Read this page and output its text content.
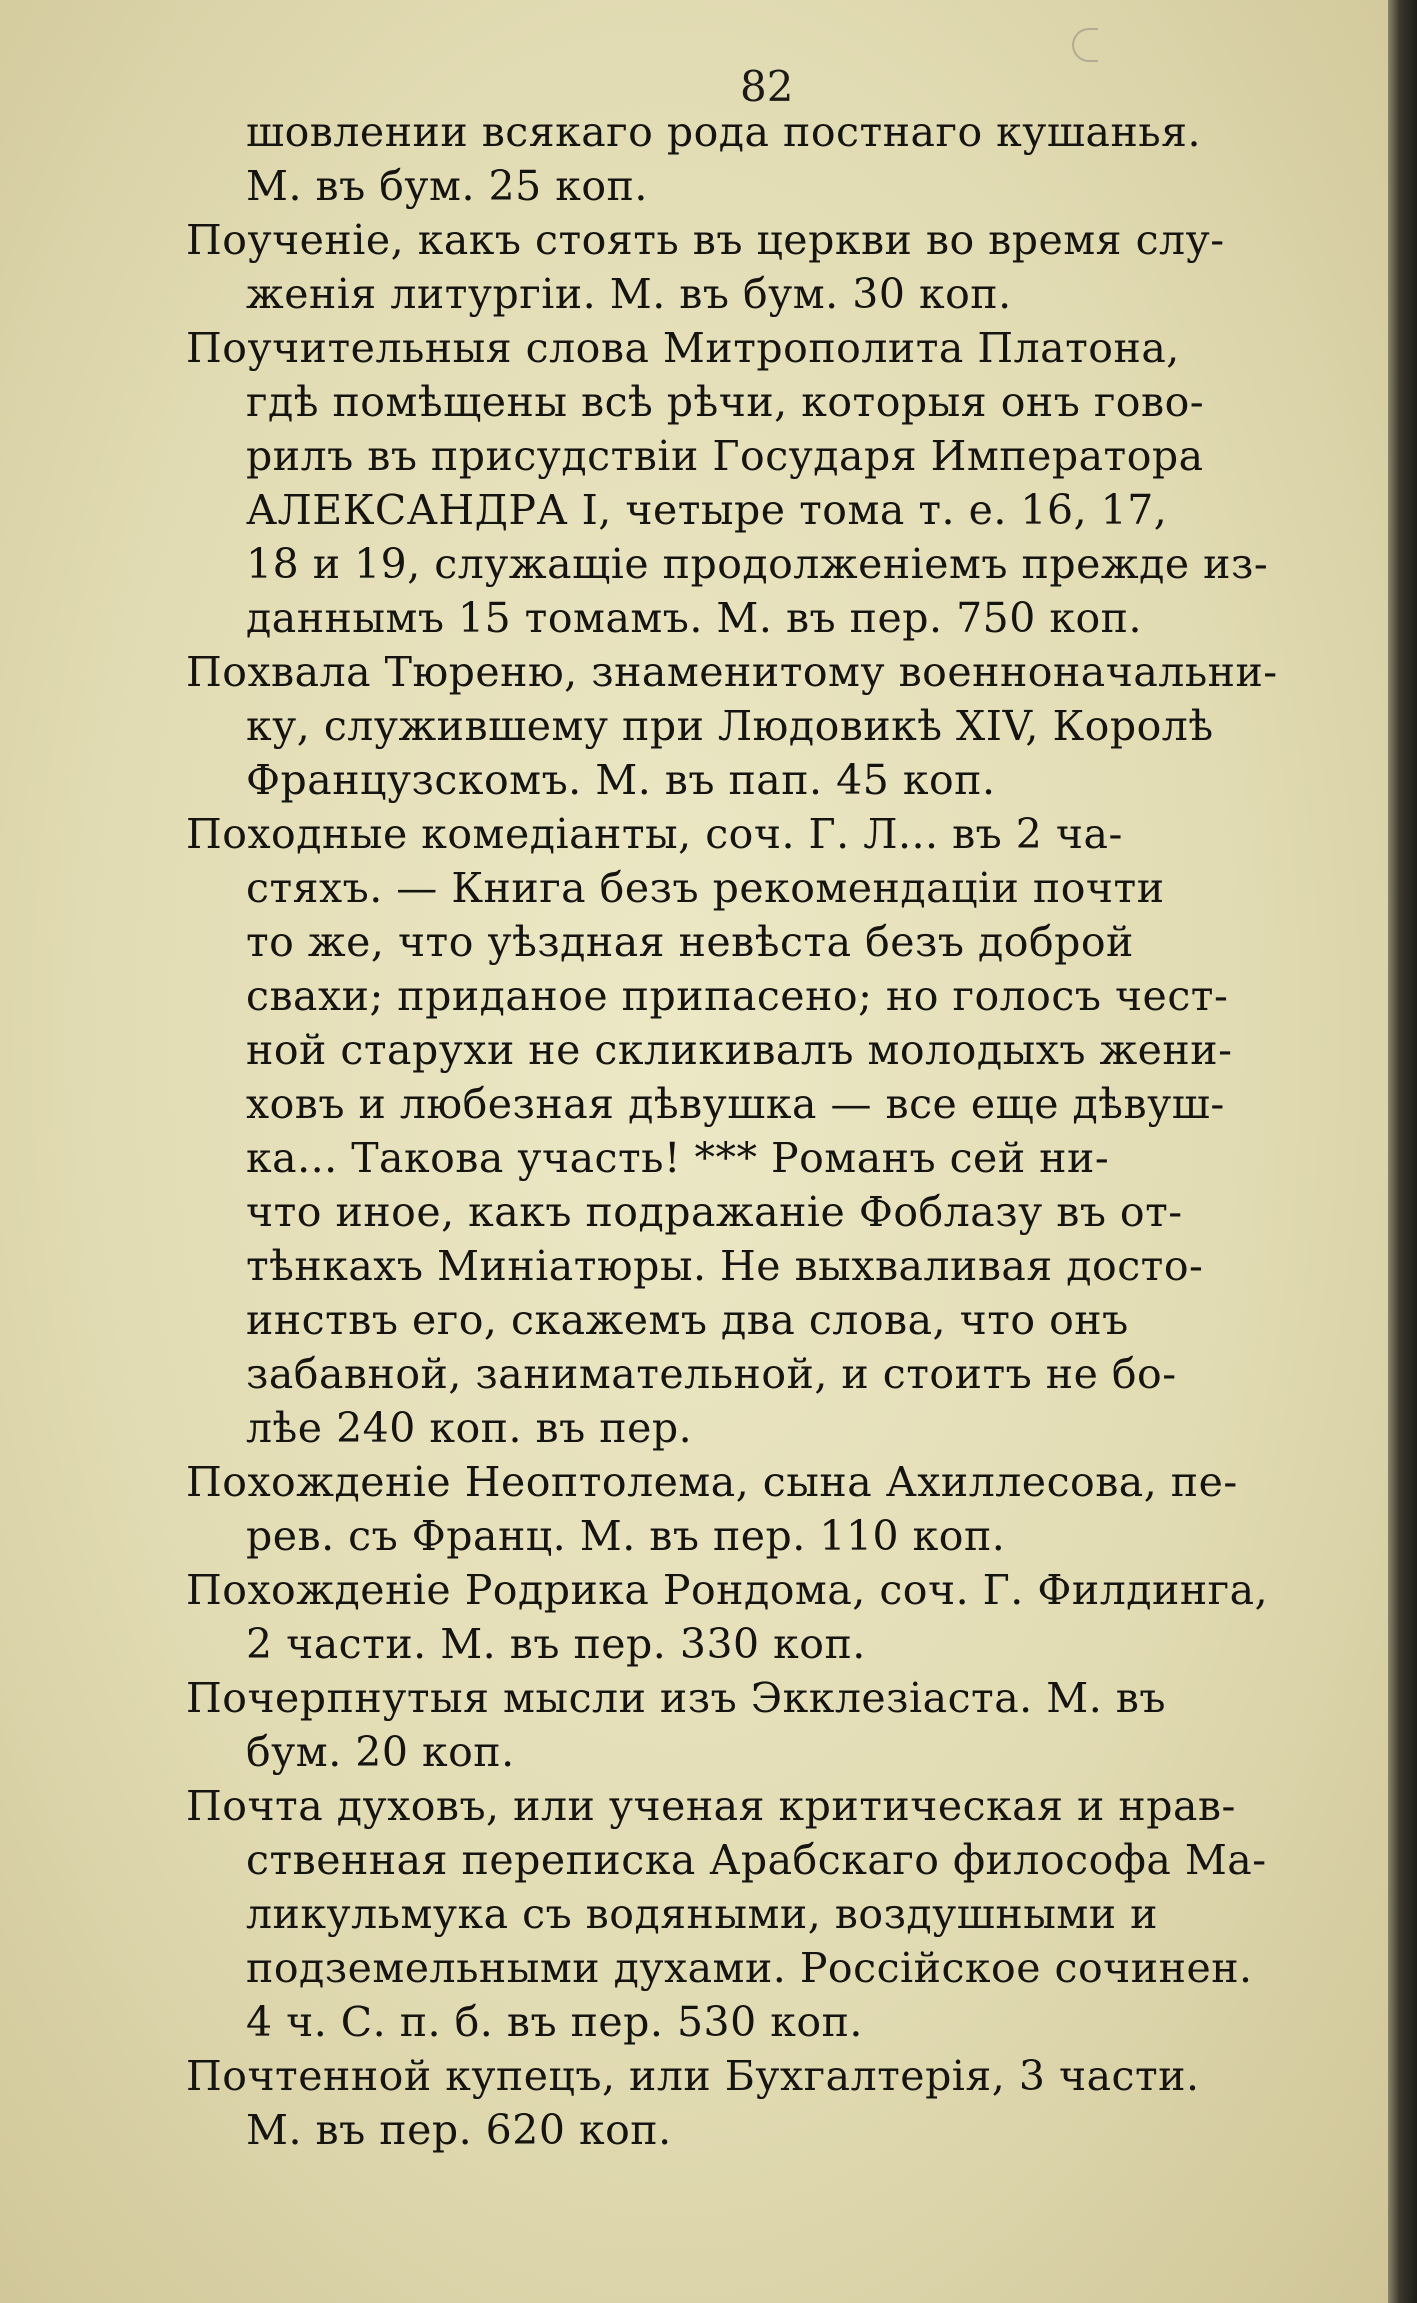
82

шовлении всякаго рода постнаго кушанья.
М. въ бум. 25 коп.

Поученіе, какъ стоять въ церкви во время слу-
женія литургіи. М. въ бум. 30 коп.

Поучительныя слова Митрополита Платона,
гдѣ помѣщены всѣ рѣчи, которыя онъ гово-
рилъ въ присудствіи Государя Императора
АЛЕКСАНДРА I, четыре тома т. е. 16, 17,
18 и 19, служащіе продолженіемъ прежде из-
даннымъ 15 томамъ. М. въ пер. 750 коп.

Похвала Тюреню, знаменитому военноначальни-
ку, служившему при Людовикѣ XIV, Королѣ
Французскомъ. М. въ пап. 45 коп.

Походные комедіанты, соч. Г. Л... въ 2 ча-
стяхъ. — Книга безъ рекомендаціи почти
то же, что уѣздная невѣста безъ доброй
свахи; приданое припасено; но голосъ чест-
ной старухи не скликивалъ молодыхъ жени-
ховъ и любезная дѣвушка — все еще дѣвуш-
ка... Такова участь! *** Романъ сей ни-
что иное, какъ подражаніе Фоблазу въ от-
тѣнкахъ Миніатюры. Не выхваливая досто-
инствъ его, скажемъ два слова, что онъ
забавной, занимательной, и стоитъ не бо-
лѣе 240 коп. въ пер.

Похожденіе Неоптолема, сына Ахиллесова, пе-
рев. съ Франц. М. въ пер. 110 коп.

Похожденіе Родрика Рондома, соч. Г. Филдинга,
2 части. М. въ пер. 330 коп.

Почерпнутыя мысли изъ Экклезіаста. М. въ
бум. 20 коп.

Почта духовъ, или ученая критическая и нрав-
ственная переписка Арабскаго философа Ма-
ликульмука съ водяными, воздушными и
подземельными духами. Россійское сочинен.
4 ч. С. п. б. въ пер. 530 коп.

Почтенной купецъ, или Бухгалтерія, 3 части.
М. въ пер. 620 коп.
